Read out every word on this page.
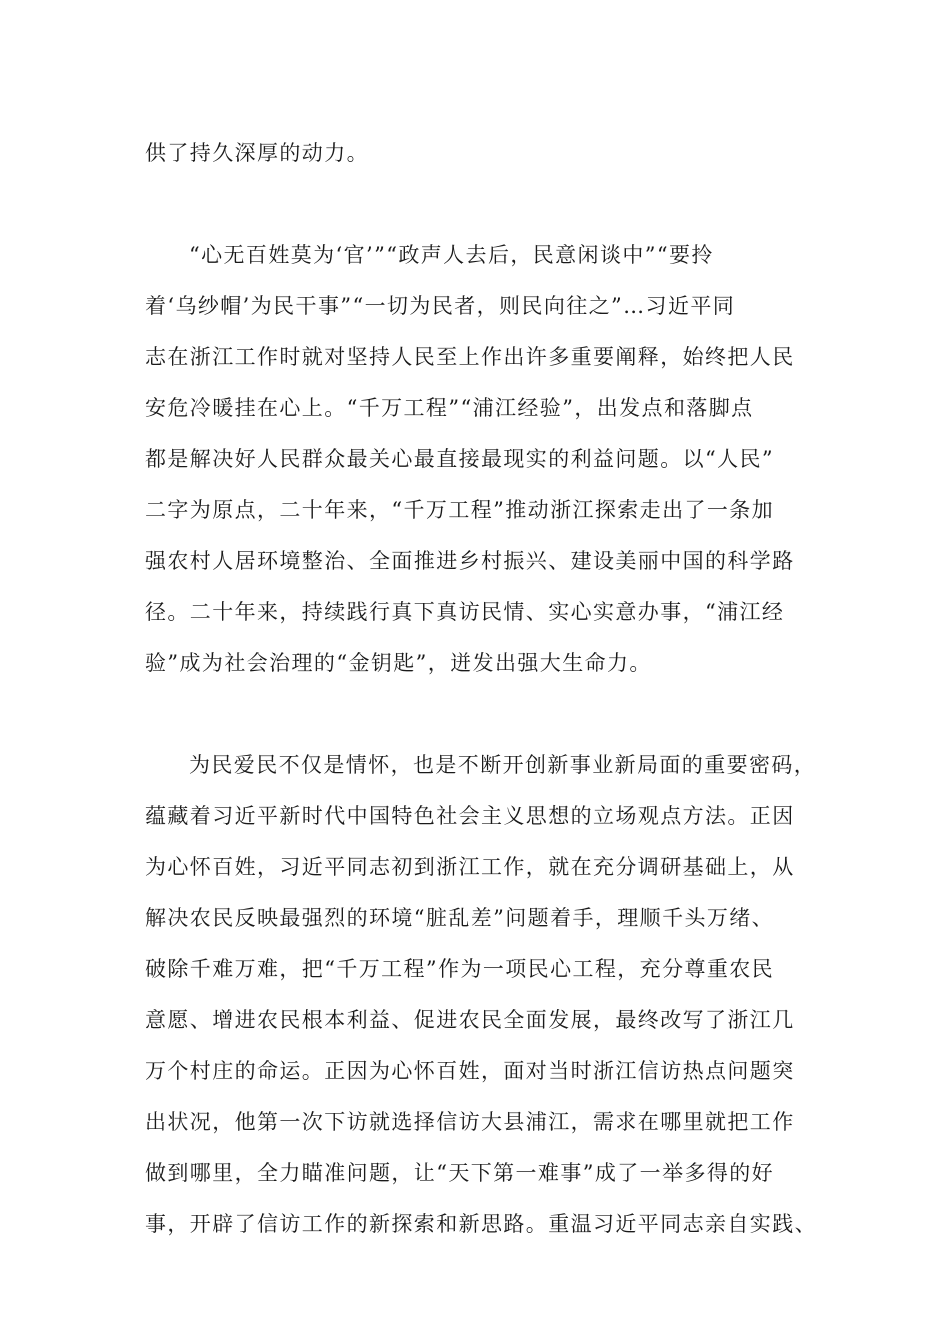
供了持久深厚的动力。
“心无百姓莫为‘官’”“政声人去后，民意闲谈中”“要拎
着‘乌纱帽’为民干事”“一切为民者，则民向往之”…习近平同
志在浙江工作时就对坚持人民至上作出许多重要阐释，始终把人民
安危冷暖挂在心上。“千万工程”“浦江经验”，出发点和落脚点
都是解决好人民群众最关心最直接最现实的利益问题。以“人民”
二字为原点，二十年来，“千万工程”推动浙江探索走出了一条加
强农村人居环境整治、全面推进乡村振兴、建设美丽中国的科学路
径。二十年来，持续践行真下真访民情、实心实意办事，“浦江经
验”成为社会治理的“金钥匙”，迸发出强大生命力。
为民爱民不仅是情怀，也是不断开创新事业新局面的重要密码，
蕴藏着习近平新时代中国特色社会主义思想的立场观点方法。正因
为心怀百姓，习近平同志初到浙江工作，就在充分调研基础上，从
解决农民反映最强烈的环境“脏乱差”问题着手，理顺千头万绪、
破除千难万难，把“千万工程”作为一项民心工程，充分尊重农民
意愿、增进农民根本利益、促进农民全面发展，最终改写了浙江几
万个村庄的命运。正因为心怀百姓，面对当时浙江信访热点问题突
出状况，他第一次下访就选择信访大县浦江，需求在哪里就把工作
做到哪里，全力瞄准问题，让“天下第一难事”成了一举多得的好
事，开辟了信访工作的新探索和新思路。重温习近平同志亲自实践、
